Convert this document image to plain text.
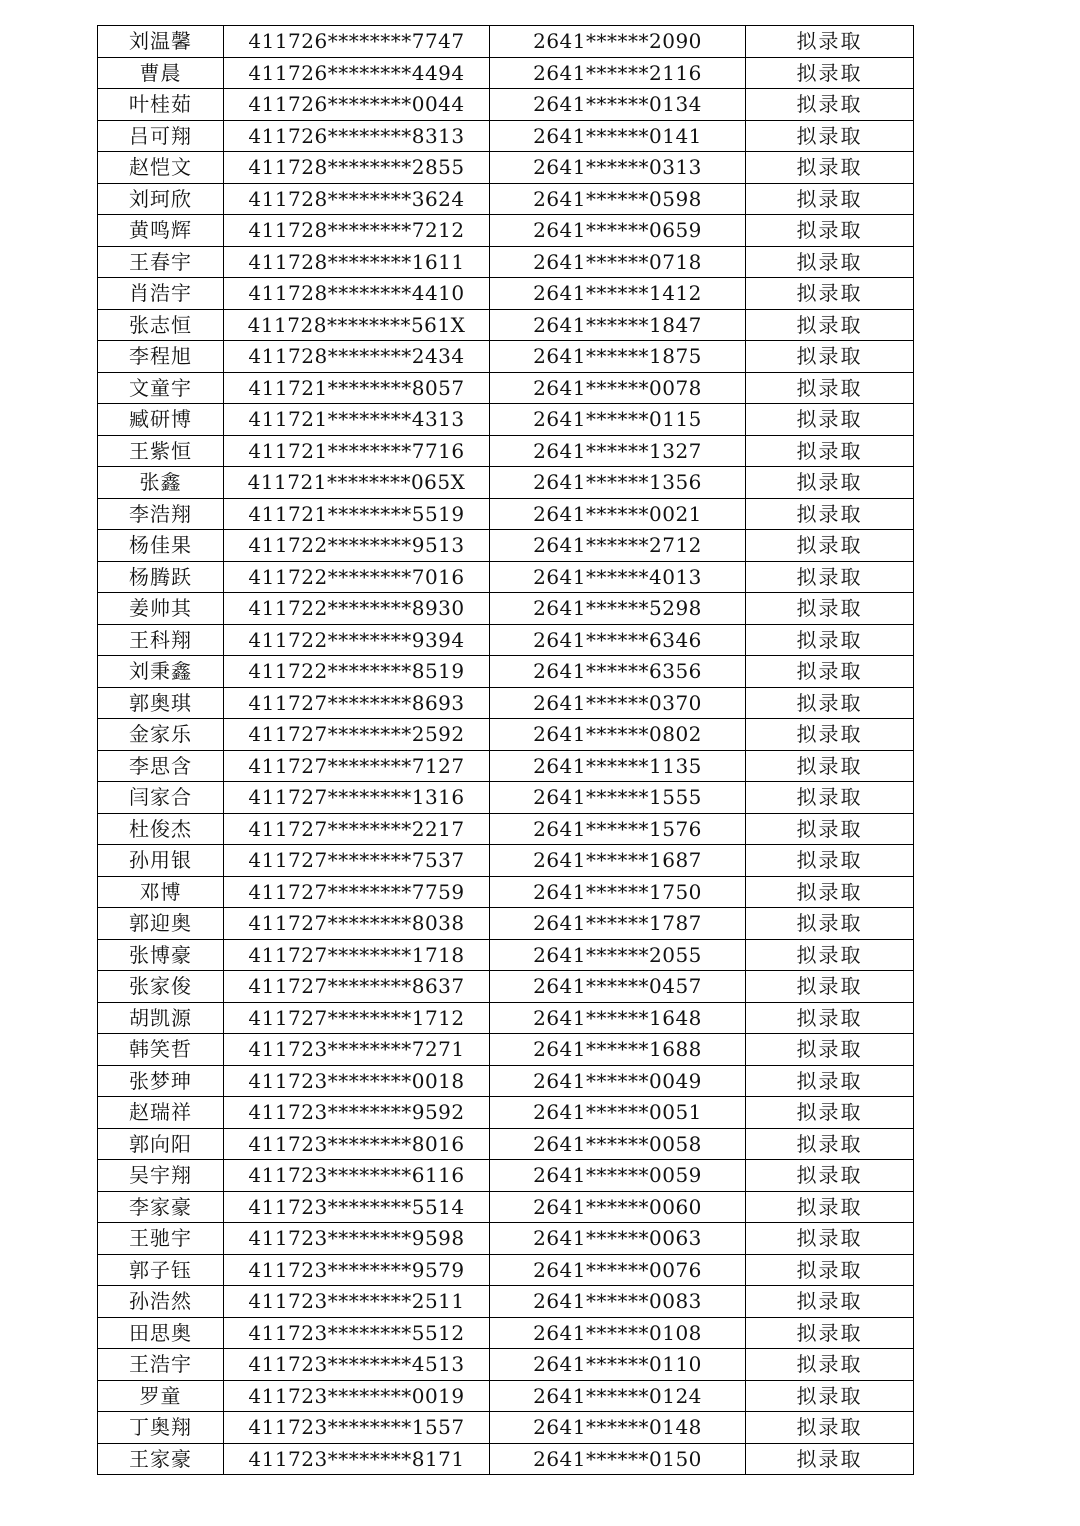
刘温馨	411726********7747	2641******2090	拟录取
曹晨	411726********4494	2641******2116	拟录取
叶桂茹	411726********0044	2641******0134	拟录取
吕可翔	411726********8313	2641******0141	拟录取
赵恺文	411728********2855	2641******0313	拟录取
刘珂欣	411728********3624	2641******0598	拟录取
黄鸣辉	411728********7212	2641******0659	拟录取
王春宇	411728********1611	2641******0718	拟录取
肖浩宇	411728********4410	2641******1412	拟录取
张志恒	411728********561X	2641******1847	拟录取
李程旭	411728********2434	2641******1875	拟录取
文童宇	411721********8057	2641******0078	拟录取
臧研博	411721********4313	2641******0115	拟录取
王紫恒	411721********7716	2641******1327	拟录取
张鑫	411721********065X	2641******1356	拟录取
李浩翔	411721********5519	2641******0021	拟录取
杨佳果	411722********9513	2641******2712	拟录取
杨腾跃	411722********7016	2641******4013	拟录取
姜帅其	411722********8930	2641******5298	拟录取
王科翔	411722********9394	2641******6346	拟录取
刘秉鑫	411722********8519	2641******6356	拟录取
郭奥琪	411727********8693	2641******0370	拟录取
金家乐	411727********2592	2641******0802	拟录取
李思含	411727********7127	2641******1135	拟录取
闫家合	411727********1316	2641******1555	拟录取
杜俊杰	411727********2217	2641******1576	拟录取
孙用银	411727********7537	2641******1687	拟录取
邓博	411727********7759	2641******1750	拟录取
郭迎奥	411727********8038	2641******1787	拟录取
张博豪	411727********1718	2641******2055	拟录取
张家俊	411727********8637	2641******0457	拟录取
胡凯源	411727********1712	2641******1648	拟录取
韩笑哲	411723********7271	2641******1688	拟录取
张梦珅	411723********0018	2641******0049	拟录取
赵瑞祥	411723********9592	2641******0051	拟录取
郭向阳	411723********8016	2641******0058	拟录取
吴宇翔	411723********6116	2641******0059	拟录取
李家豪	411723********5514	2641******0060	拟录取
王驰宇	411723********9598	2641******0063	拟录取
郭子钰	411723********9579	2641******0076	拟录取
孙浩然	411723********2511	2641******0083	拟录取
田思奥	411723********5512	2641******0108	拟录取
王浩宇	411723********4513	2641******0110	拟录取
罗童	411723********0019	2641******0124	拟录取
丁奥翔	411723********1557	2641******0148	拟录取
王家豪	411723********8171	2641******0150	拟录取
